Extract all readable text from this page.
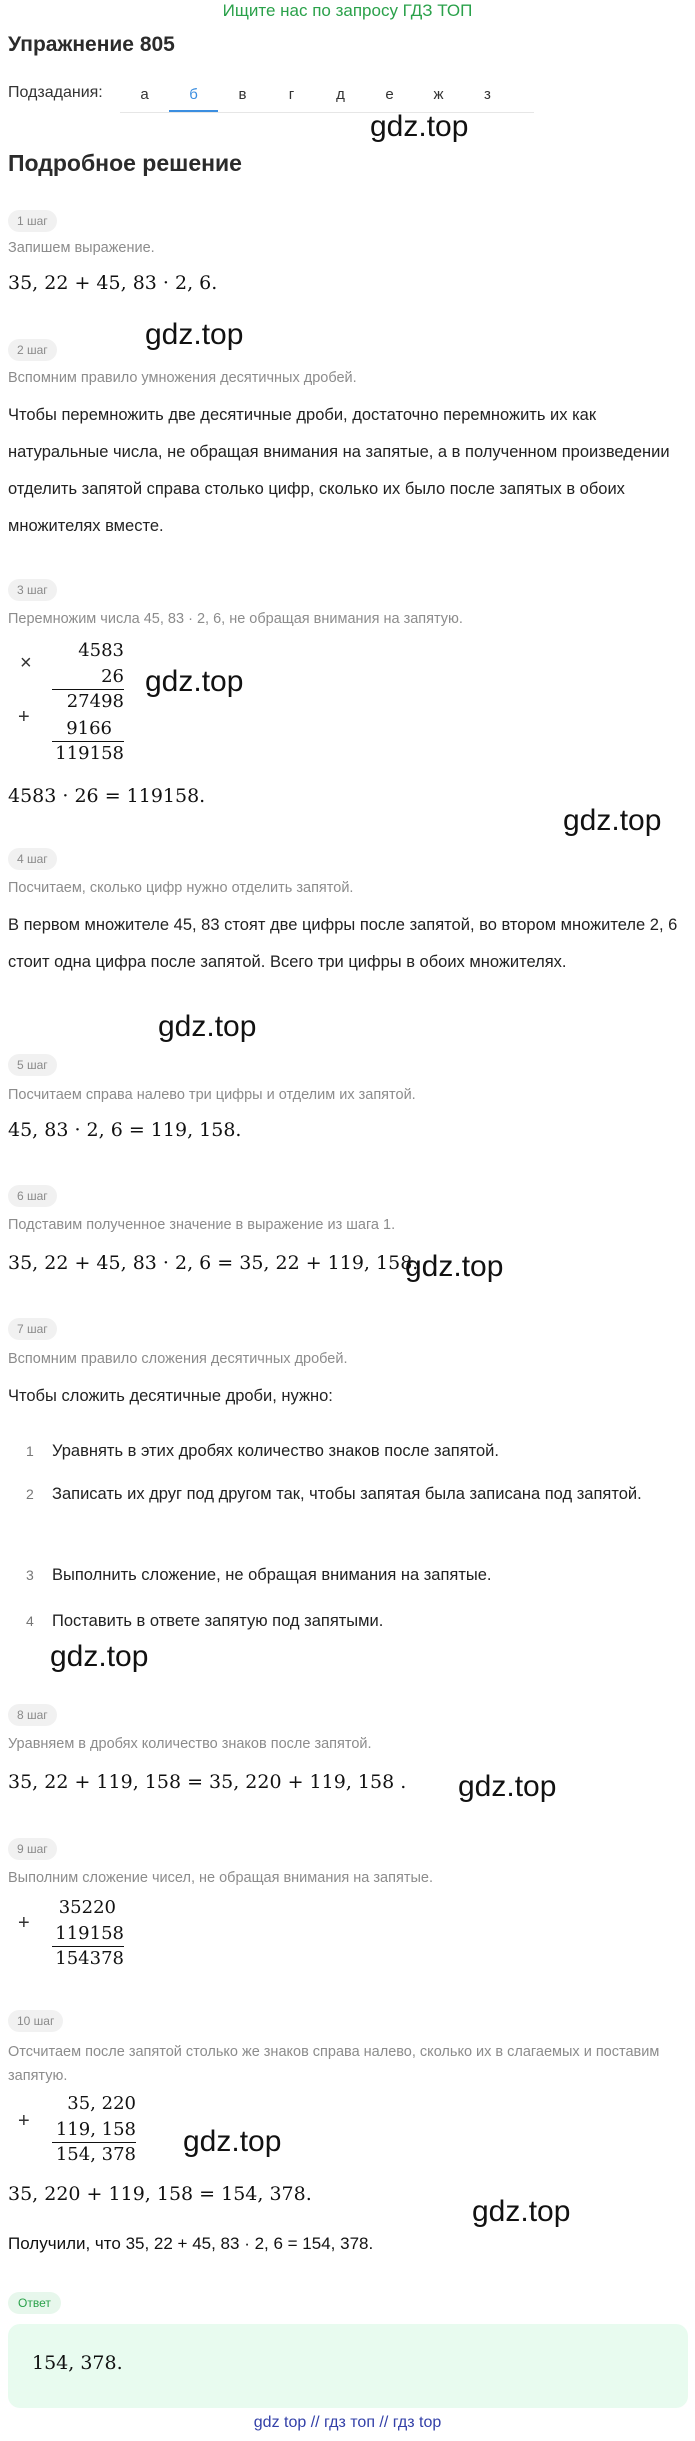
Ищите нас по запросу ГДЗ ТОП
Упражнение 805
Подзадания:	а	б	в	г	д	е	ж	з
gdz.top
gdz.top
gdz.top
gdz.top
gdz.top
gdz.top
gdz.top
gdz.top
gdz.top
gdz.top
Подробное решение
1 шаг
Запишем выражение.
35, 22 + 45, 83 · 2, 6.
2 шаг
Вспомним правило умножения десятичных дробей.
Чтобы перемножить две десятичные дроби, достаточно перемножить их как натуральные числа, не обращая внимания на запятые, а в полученном произведении отделить запятой справа столько цифр, сколько их было после запятых в обоих множителях вместе.
3 шаг
Перемножим числа 45, 83 · 2, 6, не обращая внимания на запятую.
×
+
4583
26
27498
9166
119158
4583 · 26 = 119158.
4 шаг
Посчитаем, сколько цифр нужно отделить запятой.
В первом множителе 45, 83 стоят две цифры после запятой, во втором множителе 2, 6 стоит одна цифра после запятой. Всего три цифры в обоих множителях.
5 шаг
Посчитаем справа налево три цифры и отделим их запятой.
45, 83 · 2, 6 = 119, 158.
6 шаг
Подставим полученное значение в выражение из шага 1.
35, 22 + 45, 83 · 2, 6 = 35, 22 + 119, 158.
7 шаг
Вспомним правило сложения десятичных дробей.
Чтобы сложить десятичные дроби, нужно:
1 Уравнять в этих дробях количество знаков после запятой.
2 Записать их друг под другом так, чтобы запятая была записана под запятой.
3 Выполнить сложение, не обращая внимания на запятые.
4 Поставить в ответе запятую под запятыми.
8 шаг
Уравняем в дробях количество знаков после запятой.
35, 22 + 119, 158 = 35, 220 + 119, 158 .
9 шаг
Выполним сложение чисел, не обращая внимания на запятые.
+
35220
119158
154378
10 шаг
Отсчитаем после запятой столько же знаков справа налево, сколько их в слагаемых и поставим запятую.
+
35, 220
119, 158
154, 378
35, 220 + 119, 158 = 154, 378.
Получили, что 35, 22 + 45, 83 · 2, 6 = 154, 378.
Ответ
154, 378.
gdz top // гдз топ // гдз top
